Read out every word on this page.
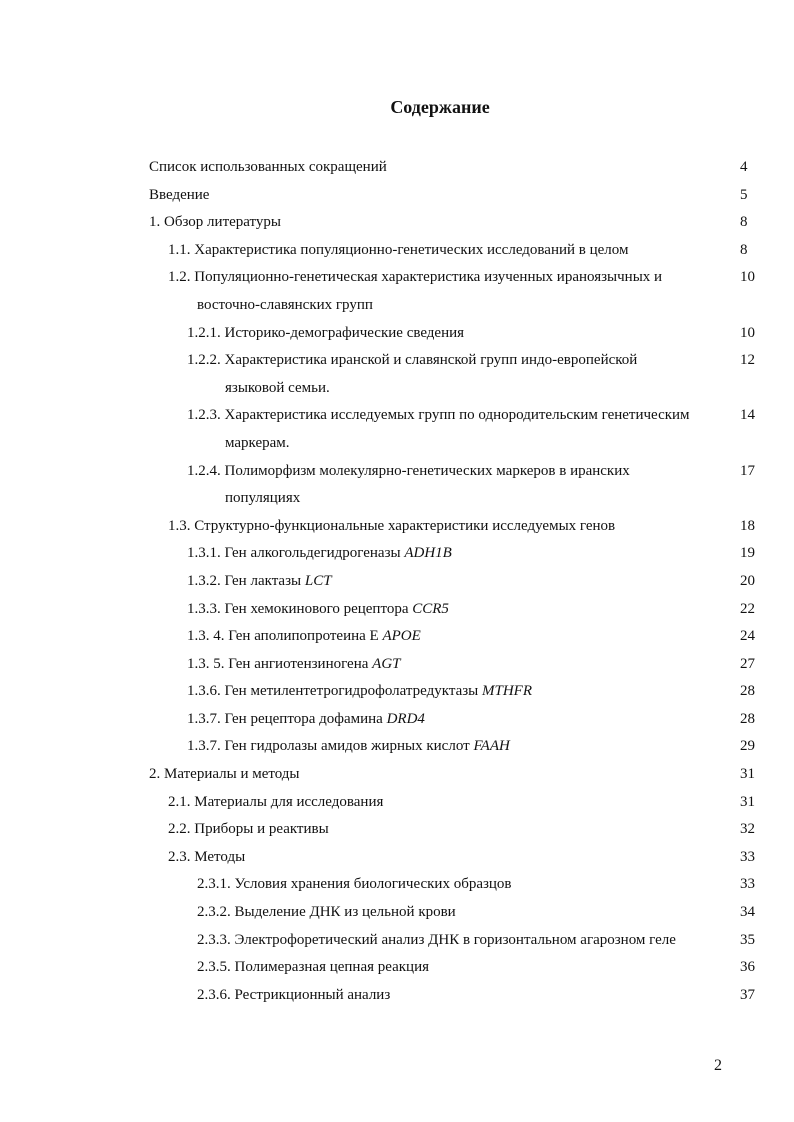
Содержание
Список использованных сокращений	4
Введение	5
1. Обзор литературы	8
1.1. Характеристика популяционно-генетических исследований в целом	8
1.2. Популяционно-генетическая характеристика изученных ираноязычных и	10
восточно-славянских групп
1.2.1. Историко-демографические сведения	10
1.2.2. Характеристика иранской и славянской групп индо-европейской	12
языковой семьи.
1.2.3. Характеристика исследуемых групп по однородительским генетическим	14
маркерам.
1.2.4. Полиморфизм молекулярно-генетических маркеров в иранских	17
популяциях
1.3. Структурно-функциональные характеристики исследуемых генов	18
1.3.1. Ген алкогольдегидрогеназы ADH1B	19
1.3.2. Ген лактазы LCT	20
1.3.3. Ген хемокинового рецептора CCR5	22
1.3. 4. Ген аполипопротеина Е APOE	24
1.3. 5. Ген ангиотензиногена AGT	27
1.3.6. Ген метилентетрогидрофолатредуктазы MTHFR	28
1.3.7. Ген рецептора дофамина DRD4	28
1.3.7. Ген гидролазы амидов жирных кислот FAAH	29
2. Материалы и методы	31
2.1. Материалы для исследования	31
2.2. Приборы и реактивы	32
2.3. Методы	33
2.3.1. Условия хранения биологических образцов	33
2.3.2. Выделение ДНК из цельной крови	34
2.3.3. Электрофоретический анализ ДНК в горизонтальном агарозном геле	35
2.3.5. Полимеразная цепная реакция	36
2.3.6. Рестрикционный анализ	37
2
